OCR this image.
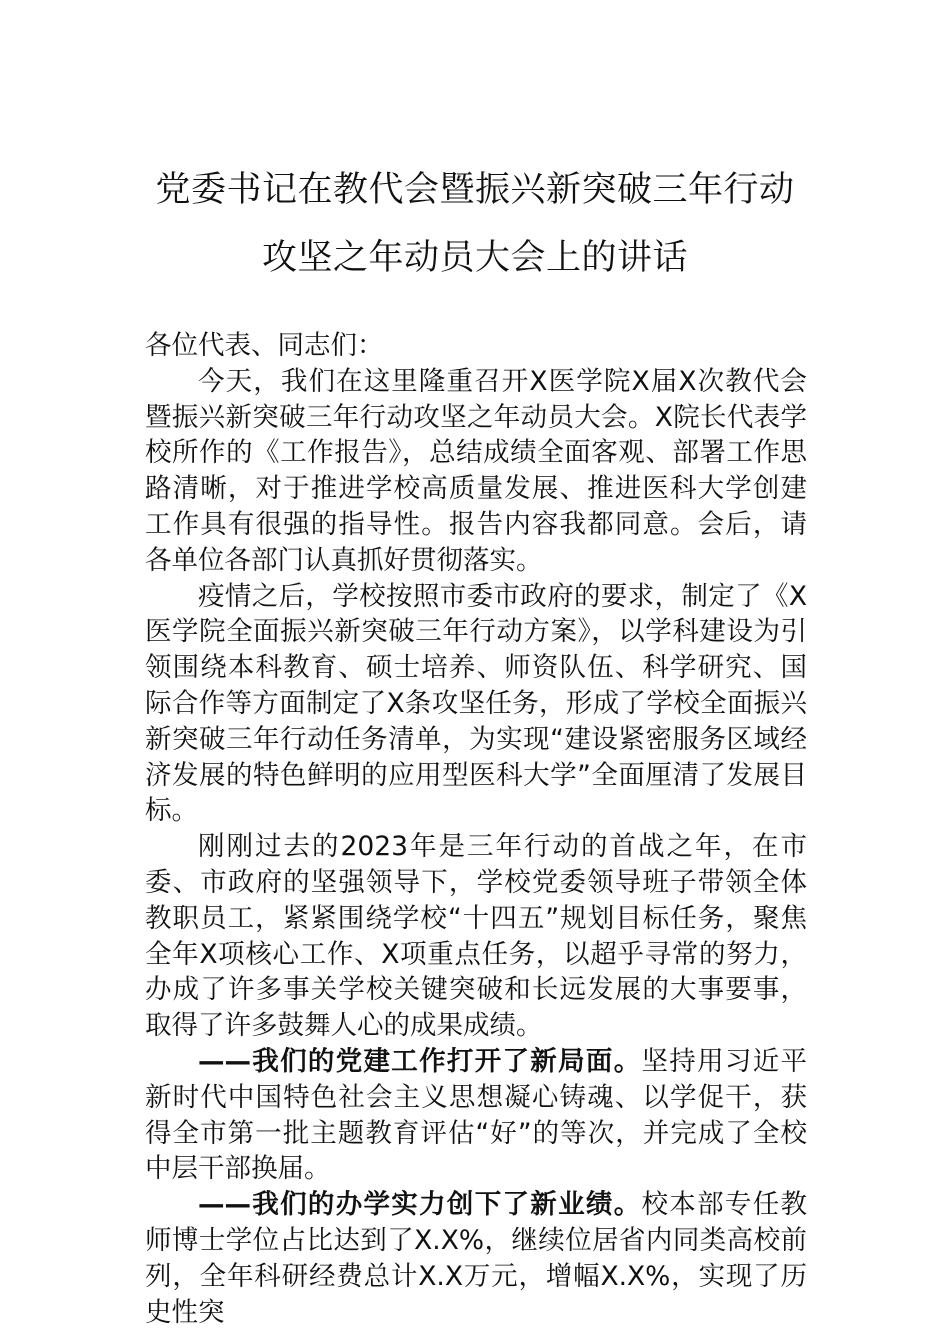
党委书记在教代会暨振兴新突破三年行动
攻坚之年动员大会上的讲话

各位代表、同志们：

今天，我们在这里隆重召开X医学院X届X次教代会暨振兴新突破三年行动攻坚之年动员大会。X院长代表学校所作的《工作报告》，总结成绩全面客观、部署工作思路清晰，对于推进学校高质量发展、推进医科大学创建工作具有很强的指导性。报告内容我都同意。会后，请各单位各部门认真抓好贯彻落实。

疫情之后，学校按照市委市政府的要求，制定了《X医学院全面振兴新突破三年行动方案》，以学科建设为引领围绕本科教育、硕士培养、师资队伍、科学研究、国际合作等方面制定了X条攻坚任务，形成了学校全面振兴新突破三年行动任务清单，为实现“建设紧密服务区域经济发展的特色鲜明的应用型医科大学”全面厘清了发展目标。

刚刚过去的2023年是三年行动的首战之年，在市委、市政府的坚强领导下，学校党委领导班子带领全体教职员工，紧紧围绕学校“十四五”规划目标任务，聚焦全年X项核心工作、X项重点任务，以超乎寻常的努力，办成了许多事关学校关键突破和长远发展的大事要事，取得了许多鼓舞人心的成果成绩。

——我们的党建工作打开了新局面。坚持用习近平新时代中国特色社会主义思想凝心铸魂、以学促干，获得全市第一批主题教育评估“好”的等次，并完成了全校中层干部换届。

——我们的办学实力创下了新业绩。校本部专任教师博士学位占比达到了X.X%，继续位居省内同类高校前列，全年科研经费总计X.X万元，增幅X.X%，实现了历史性突
